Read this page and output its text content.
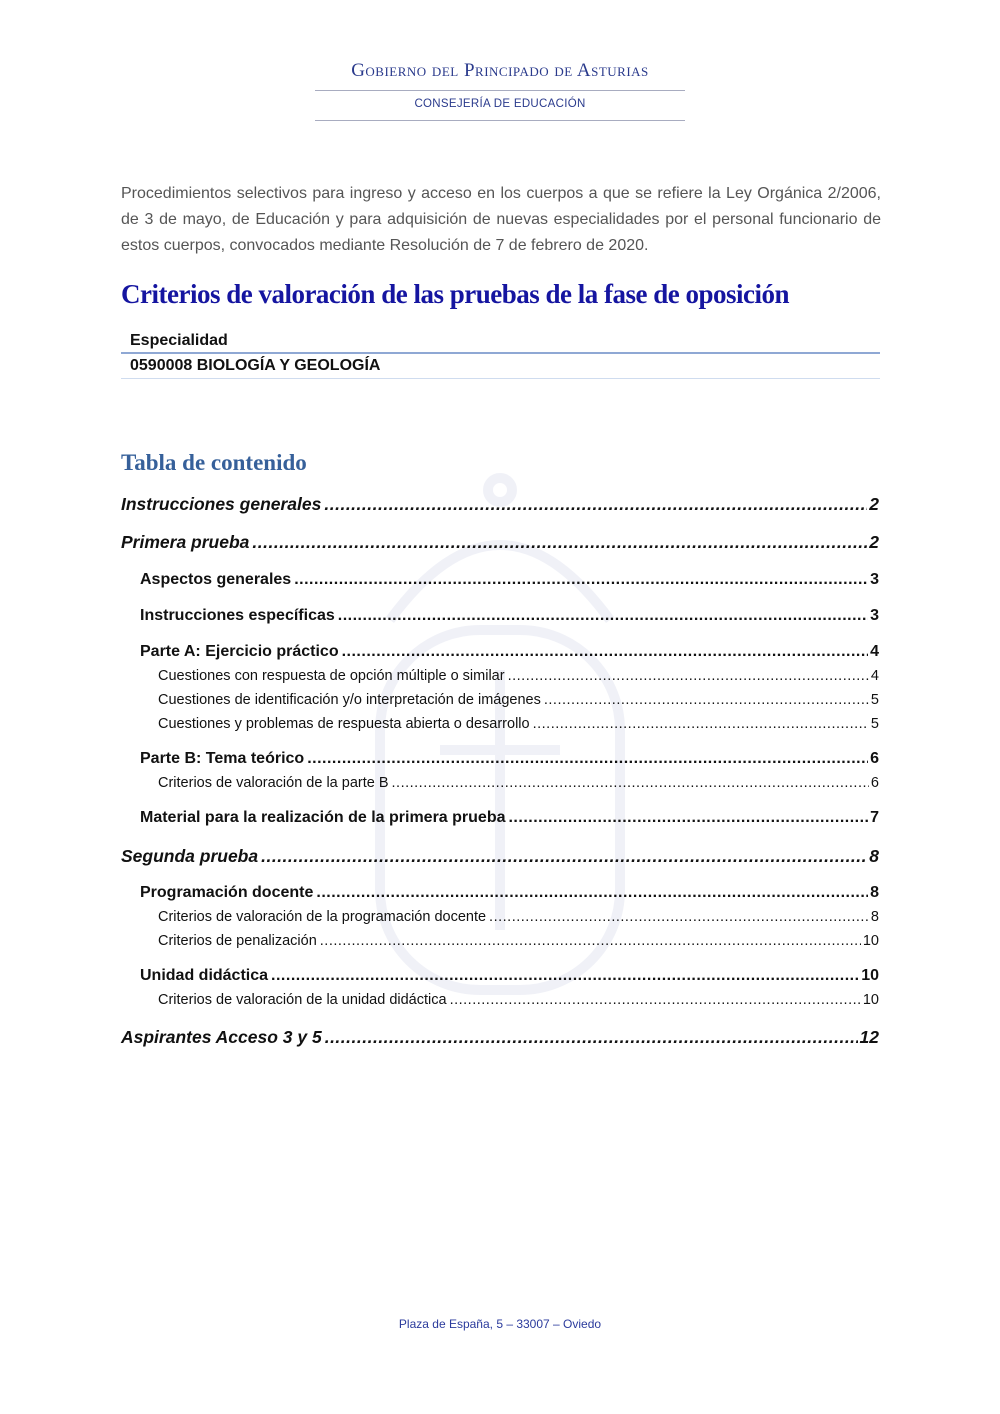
Gobierno del Principado de Asturias
CONSEJERÍA DE EDUCACIÓN
Procedimientos selectivos para ingreso y acceso en los cuerpos a que se refiere la Ley Orgánica 2/2006, de 3 de mayo, de Educación y para adquisición de nuevas especialidades por el personal funcionario de estos cuerpos, convocados mediante Resolución de 7 de febrero de 2020.
Criterios de valoración de las pruebas de la fase de oposición
Especialidad
0590008 BIOLOGÍA Y GEOLOGÍA
Tabla de contenido
Instrucciones generales .....	2
Primera prueba .....	2
Aspectos generales .....	3
Instrucciones específicas .....	3
Parte A: Ejercicio práctico .....	4
Cuestiones con respuesta de opción múltiple o similar .....	4
Cuestiones de identificación y/o interpretación de imágenes .....	5
Cuestiones y problemas de respuesta abierta o desarrollo .....	5
Parte B: Tema teórico .....	6
Criterios de valoración de la parte B .....	6
Material para la realización de la primera prueba .....	7
Segunda prueba .....	8
Programación docente .....	8
Criterios de valoración de la programación docente .....	8
Criterios de penalización .....	10
Unidad didáctica .....	10
Criterios de valoración de la unidad didáctica .....	10
Aspirantes Acceso 3 y 5 .....	12
Plaza de España, 5 – 33007 – Oviedo
